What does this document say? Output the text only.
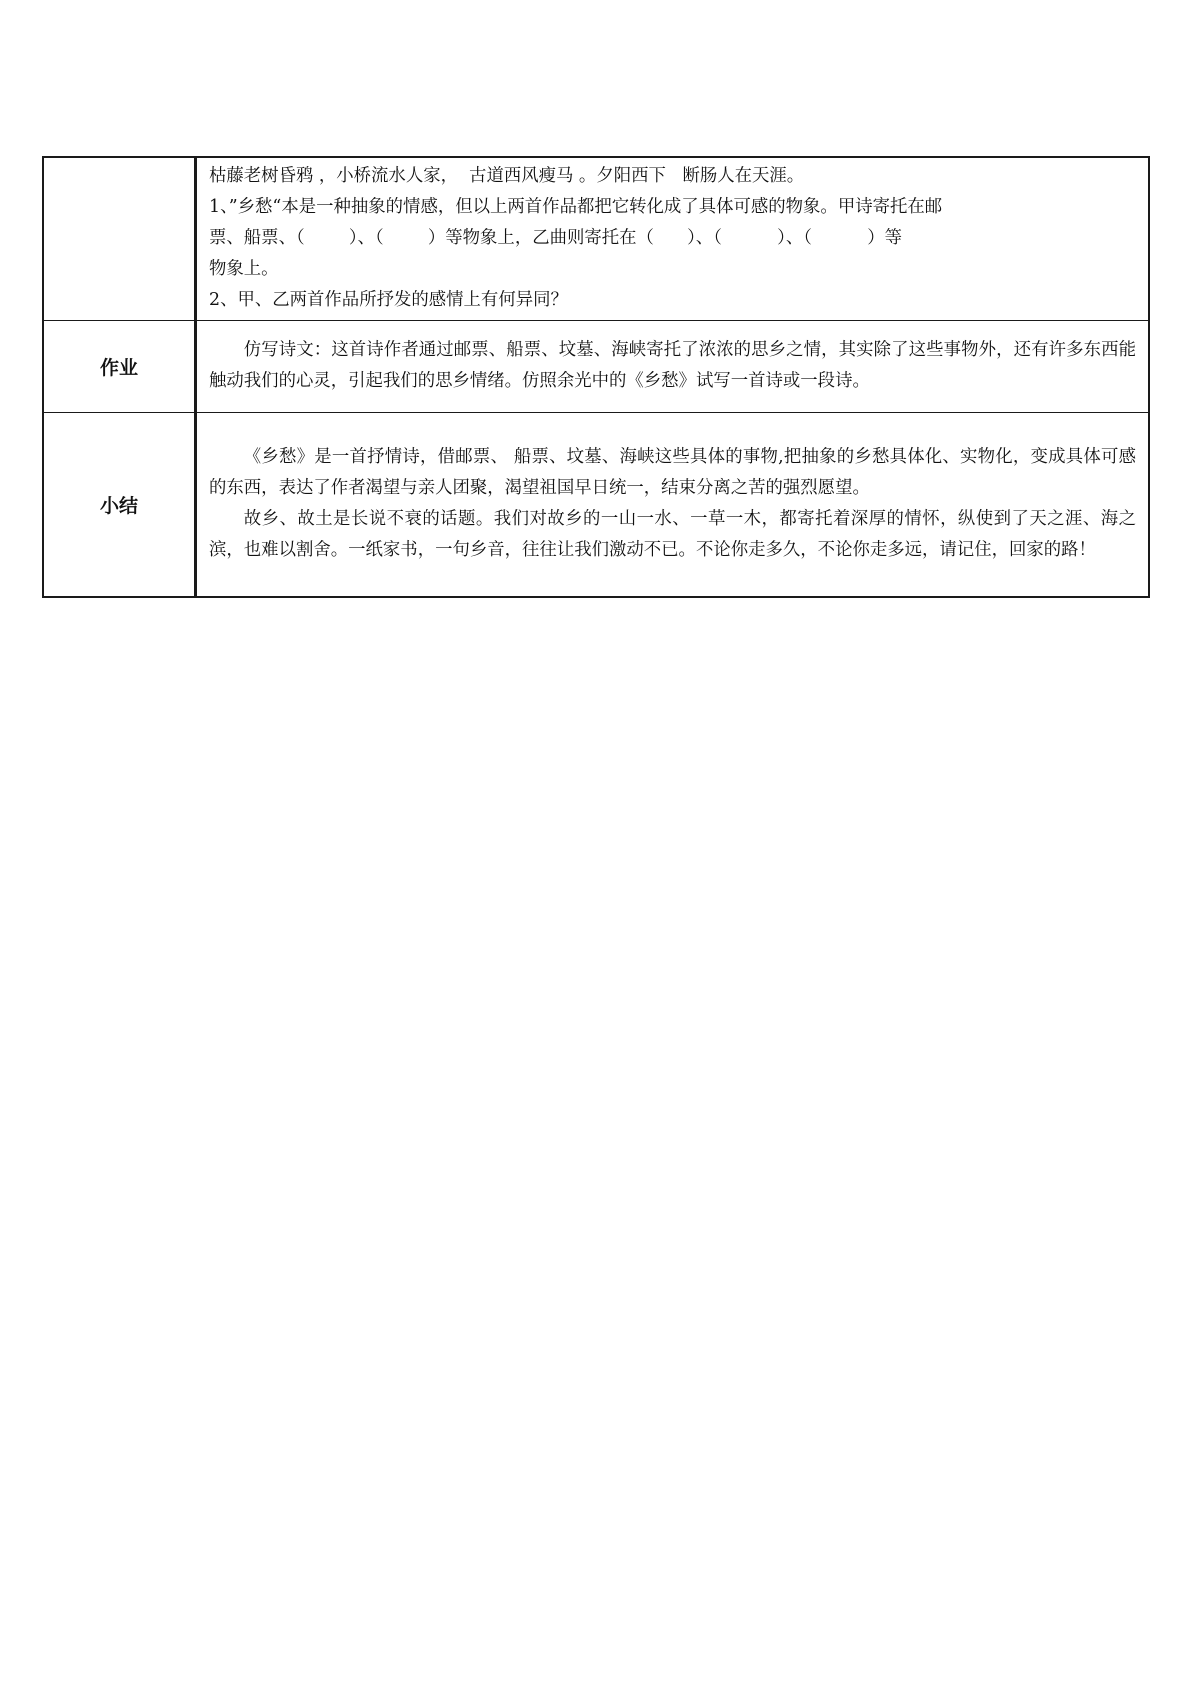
	枯藤老树昏鸦 ，小桥流水人家，  古道西风瘦马 。夕阳西下   断肠人在天涯。
1、”乡愁“本是一种抽象的情感，但以上两首作品都把它转化成了具体可感的物象。甲诗寄托在邮
票、船票、（        ）、（        ）等物象上，乙曲则寄托在（      ）、（          ）、（          ）等
物象上。
2、甲、乙两首作品所抒发的感情上有何异同？

作业	仿写诗文：这首诗作者通过邮票、船票、坟墓、海峡寄托了浓浓的思乡之情，其实除了这些事物外，还有许多东西能触动我们的心灵，引起我们的思乡情绪。仿照余光中的《乡愁》试写一首诗或一段诗。

小结	《乡愁》是一首抒情诗，借邮票、 船票、坟墓、海峡这些具体的事物,把抽象的乡愁具体化、实物化，变成具体可感的东西，表达了作者渴望与亲人团聚，渴望祖国早日统一，结束分离之苦的强烈愿望。
故乡、故土是长说不衰的话题。我们对故乡的一山一水、一草一木，都寄托着深厚的情怀，纵使到了天之涯、海之滨，也难以割舍。一纸家书，一句乡音，往往让我们激动不已。不论你走多久，不论你走多远，请记住，回家的路！
